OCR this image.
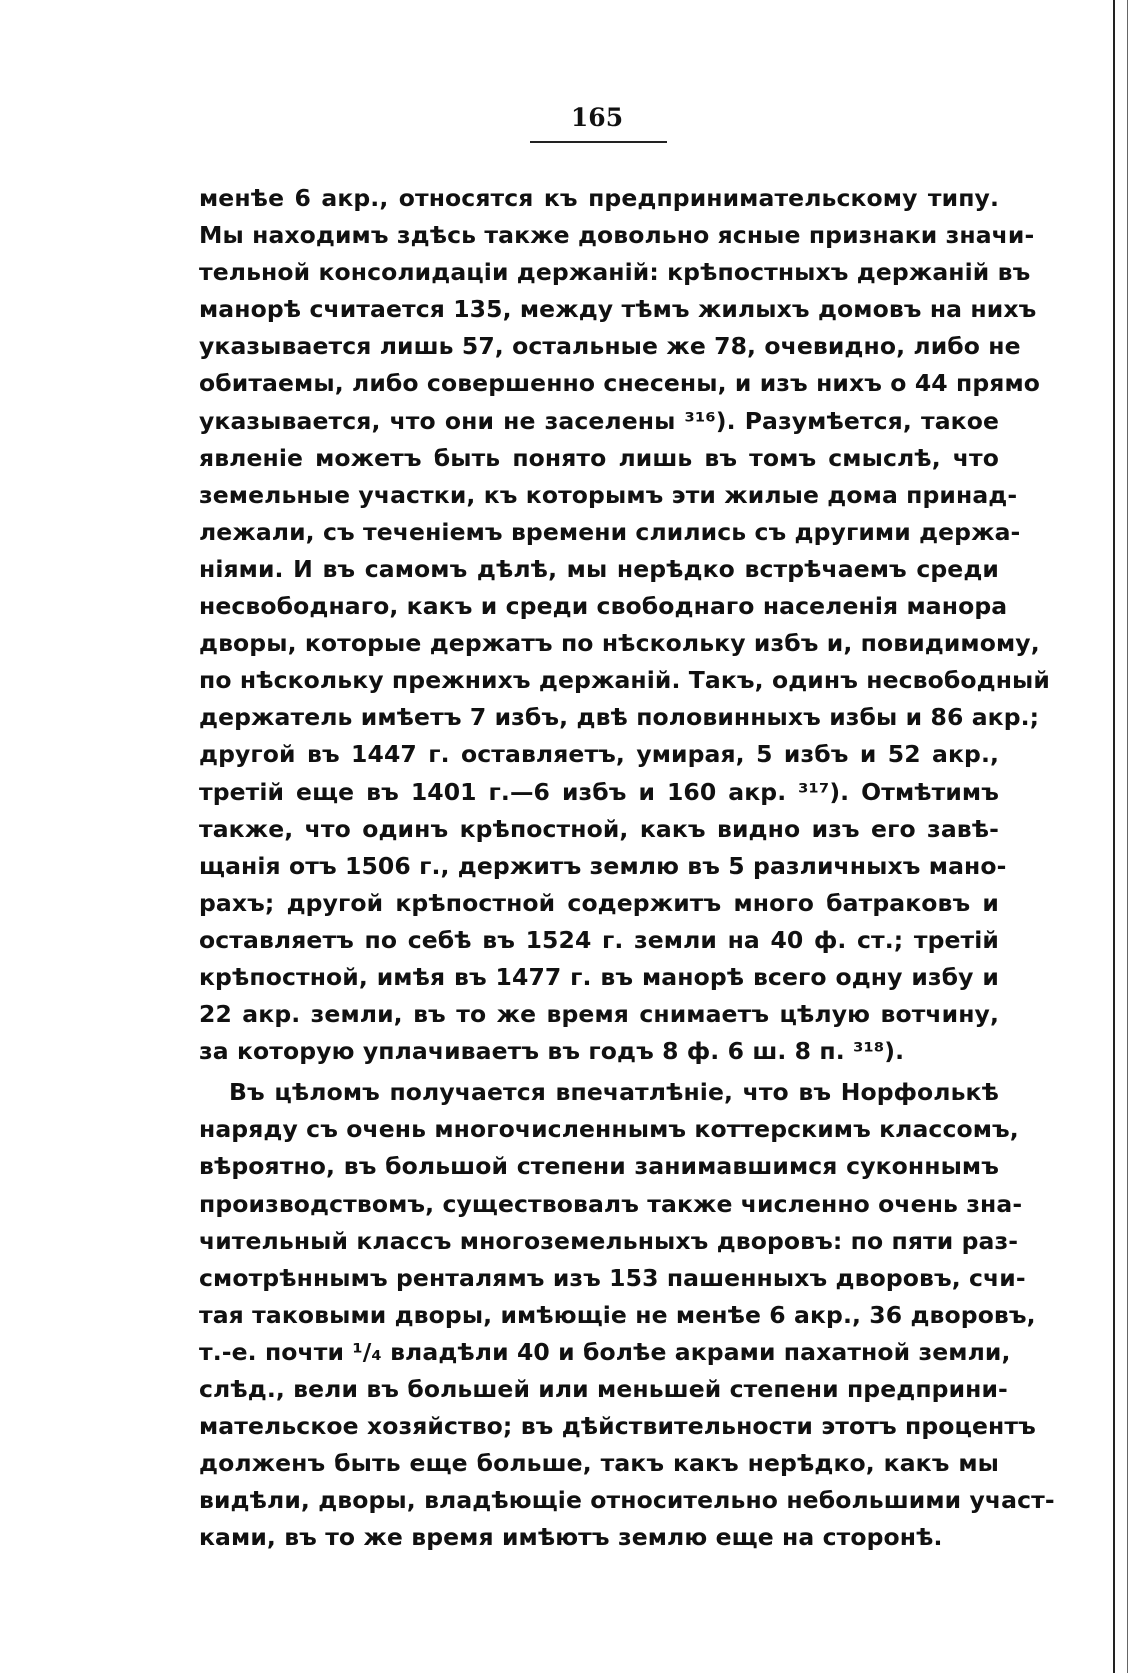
165
менѣе 6 акр., относятся къ предпринимательскому типу.
Мы находимъ здѣсь также довольно ясные признаки значи-
тельной консолидаціи держаній: крѣпостныхъ держаній въ
манорѣ считается 135, между тѣмъ жилыхъ домовъ на нихъ
указывается лишь 57, остальные же 78, очевидно, либо не
обитаемы, либо совершенно снесены, и изъ нихъ о 44 прямо
указывается, что они не заселены ³¹⁶). Разумѣется, такое
явленіе можетъ быть понято лишь въ томъ смыслѣ, что
земельные участки, къ которымъ эти жилые дома принад-
лежали, съ теченіемъ времени слились съ другими держа-
ніями. И въ самомъ дѣлѣ, мы нерѣдко встрѣчаемъ среди
несвободнаго, какъ и среди свободнаго населенія манора
дворы, которые держатъ по нѣскольку избъ и, повидимому,
по нѣскольку прежнихъ держаній. Такъ, одинъ несвободный
держатель имѣетъ 7 избъ, двѣ половинныхъ избы и 86 акр.;
другой въ 1447 г. оставляетъ, умирая, 5 избъ и 52 акр.,
третій еще въ 1401 г.—6 избъ и 160 акр. ³¹⁷). Отмѣтимъ
также, что одинъ крѣпостной, какъ видно изъ его завѣ-
щанія отъ 1506 г., держитъ землю въ 5 различныхъ мано-
рахъ; другой крѣпостной содержитъ много батраковъ и
оставляетъ по себѣ въ 1524 г. земли на 40 ф. ст.; третій
крѣпостной, имѣя въ 1477 г. въ манорѣ всего одну избу и
22 акр. земли, въ то же время снимаетъ цѣлую вотчину,
за которую уплачиваетъ въ годъ 8 ф. 6 ш. 8 п. ³¹⁸).
Въ цѣломъ получается впечатлѣніе, что въ Норфолькѣ
наряду съ очень многочисленнымъ коттерскимъ классомъ,
вѣроятно, въ большой степени занимавшимся суконнымъ
производствомъ, существовалъ также численно очень зна-
чительный классъ многоземельныхъ дворовъ: по пяти раз-
смотрѣннымъ ренталямъ изъ 153 пашенныхъ дворовъ, счи-
тая таковыми дворы, имѣющіе не менѣе 6 акр., 36 дворовъ,
т.-е. почти ¹/₄ владѣли 40 и болѣе акрами пахатной земли,
слѣд., вели въ большей или меньшей степени предприни-
мательское хозяйство; въ дѣйствительности этотъ процентъ
долженъ быть еще больше, такъ какъ нерѣдко, какъ мы
видѣли, дворы, владѣющіе относительно небольшими участ-
ками, въ то же время имѣютъ землю еще на сторонѣ.
